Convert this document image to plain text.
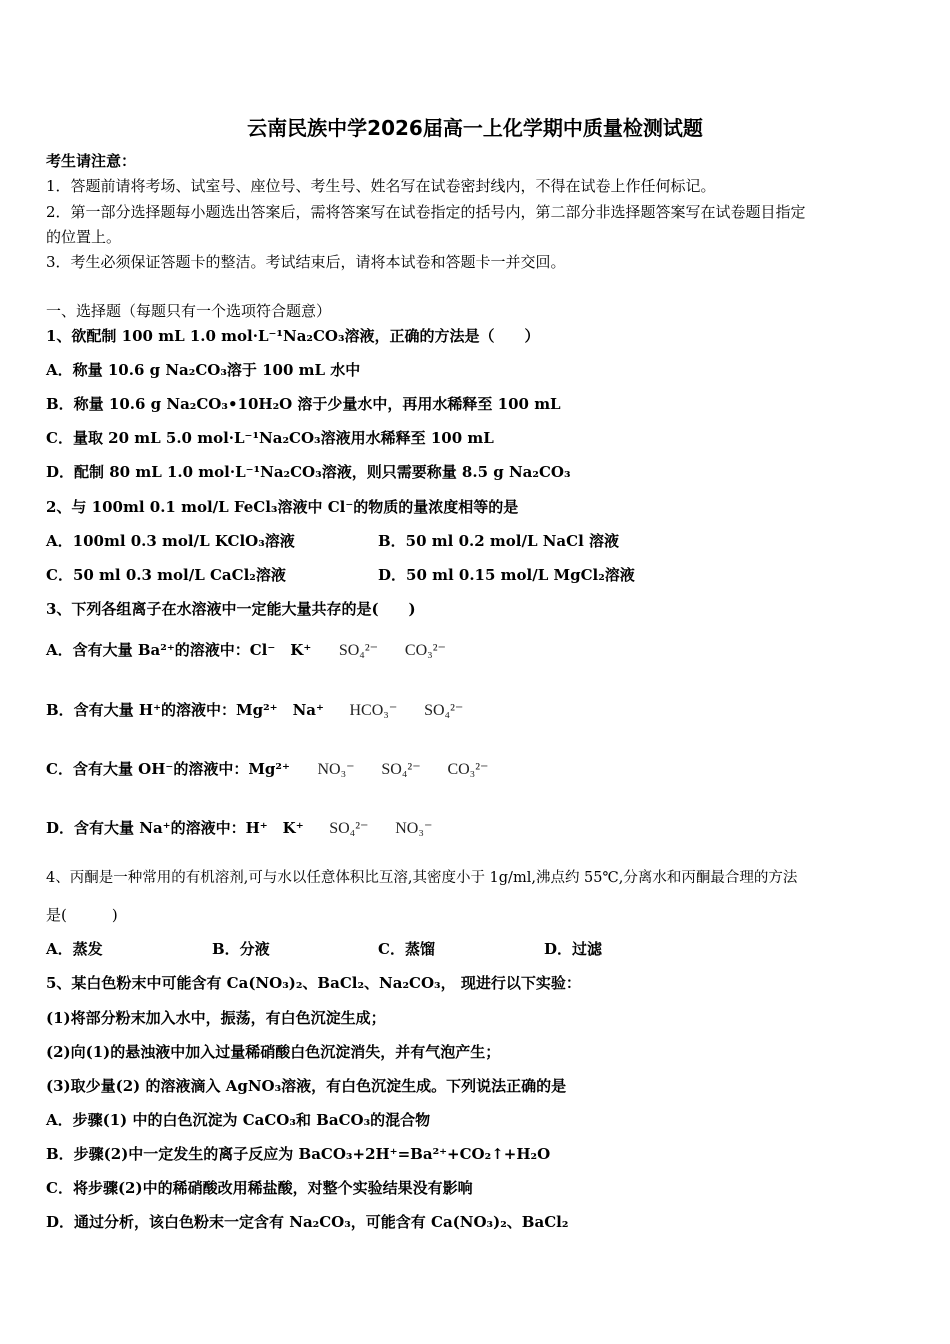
云南民族中学2026届高一上化学期中质量检测试题
考生请注意：
1．答题前请将考场、试室号、座位号、考生号、姓名写在试卷密封线内，不得在试卷上作任何标记。
2．第一部分选择题每小题选出答案后，需将答案写在试卷指定的括号内，第二部分非选择题答案写在试卷题目指定
的位置上。
3．考生必须保证答题卡的整洁。考试结束后，请将本试卷和答题卡一并交回。
一、选择题（每题只有一个选项符合题意）
1、欲配制 100 mL 1.0 mol·L⁻¹Na₂CO₃溶液，正确的方法是（　　）
A．称量 10.6 g Na₂CO₃溶于 100 mL 水中
B．称量 10.6 g Na₂CO₃•10H₂O 溶于少量水中，再用水稀释至 100 mL
C．量取 20 mL 5.0 mol·L⁻¹Na₂CO₃溶液用水稀释至 100 mL
D．配制 80 mL 1.0 mol·L⁻¹Na₂CO₃溶液，则只需要称量 8.5 g Na₂CO₃
2、与 100ml 0.1 mol/L FeCl₃溶液中 Cl⁻的物质的量浓度相等的是
A．100ml 0.3 mol/L KClO₃溶液	B．50 ml 0.2 mol/L NaCl 溶液
C．50 ml 0.3 mol/L CaCl₂溶液	D．50 ml 0.15 mol/L MgCl₂溶液
3、下列各组离子在水溶液中一定能大量共存的是(　　)
A．含有大量 Ba²⁺的溶液中：Cl⁻　K⁺ SO₄²⁻ CO₃²⁻
B．含有大量 H⁺的溶液中：Mg²⁺　Na⁺ HCO₃⁻ SO₄²⁻
C．含有大量 OH⁻的溶液中：Mg²⁺ NO₃⁻ SO₄²⁻ CO₃²⁻
D．含有大量 Na⁺的溶液中：H⁺　K⁺ SO₄²⁻ NO₃⁻
4、丙酮是一种常用的有机溶剂,可与水以任意体积比互溶,其密度小于 1g/ml,沸点约 55℃,分离水和丙酮最合理的方法
是(　　　)
A．蒸发	B．分液	C．蒸馏	D．过滤
5、某白色粉末中可能含有 Ca(NO₃)₂、BaCl₂、Na₂CO₃， 现进行以下实验：
(1)将部分粉末加入水中，振荡，有白色沉淀生成；
(2)向(1)的悬浊液中加入过量稀硝酸白色沉淀消失，并有气泡产生；
(3)取少量(2) 的溶液滴入 AgNO₃溶液，有白色沉淀生成。下列说法正确的是
A．步骤(1) 中的白色沉淀为 CaCO₃和 BaCO₃的混合物
B．步骤(2)中一定发生的离子反应为 BaCO₃+2H⁺=Ba²⁺+CO₂↑+H₂O
C．将步骤(2)中的稀硝酸改用稀盐酸，对整个实验结果没有影响
D．通过分析，该白色粉末一定含有 Na₂CO₃，可能含有 Ca(NO₃)₂、BaCl₂
